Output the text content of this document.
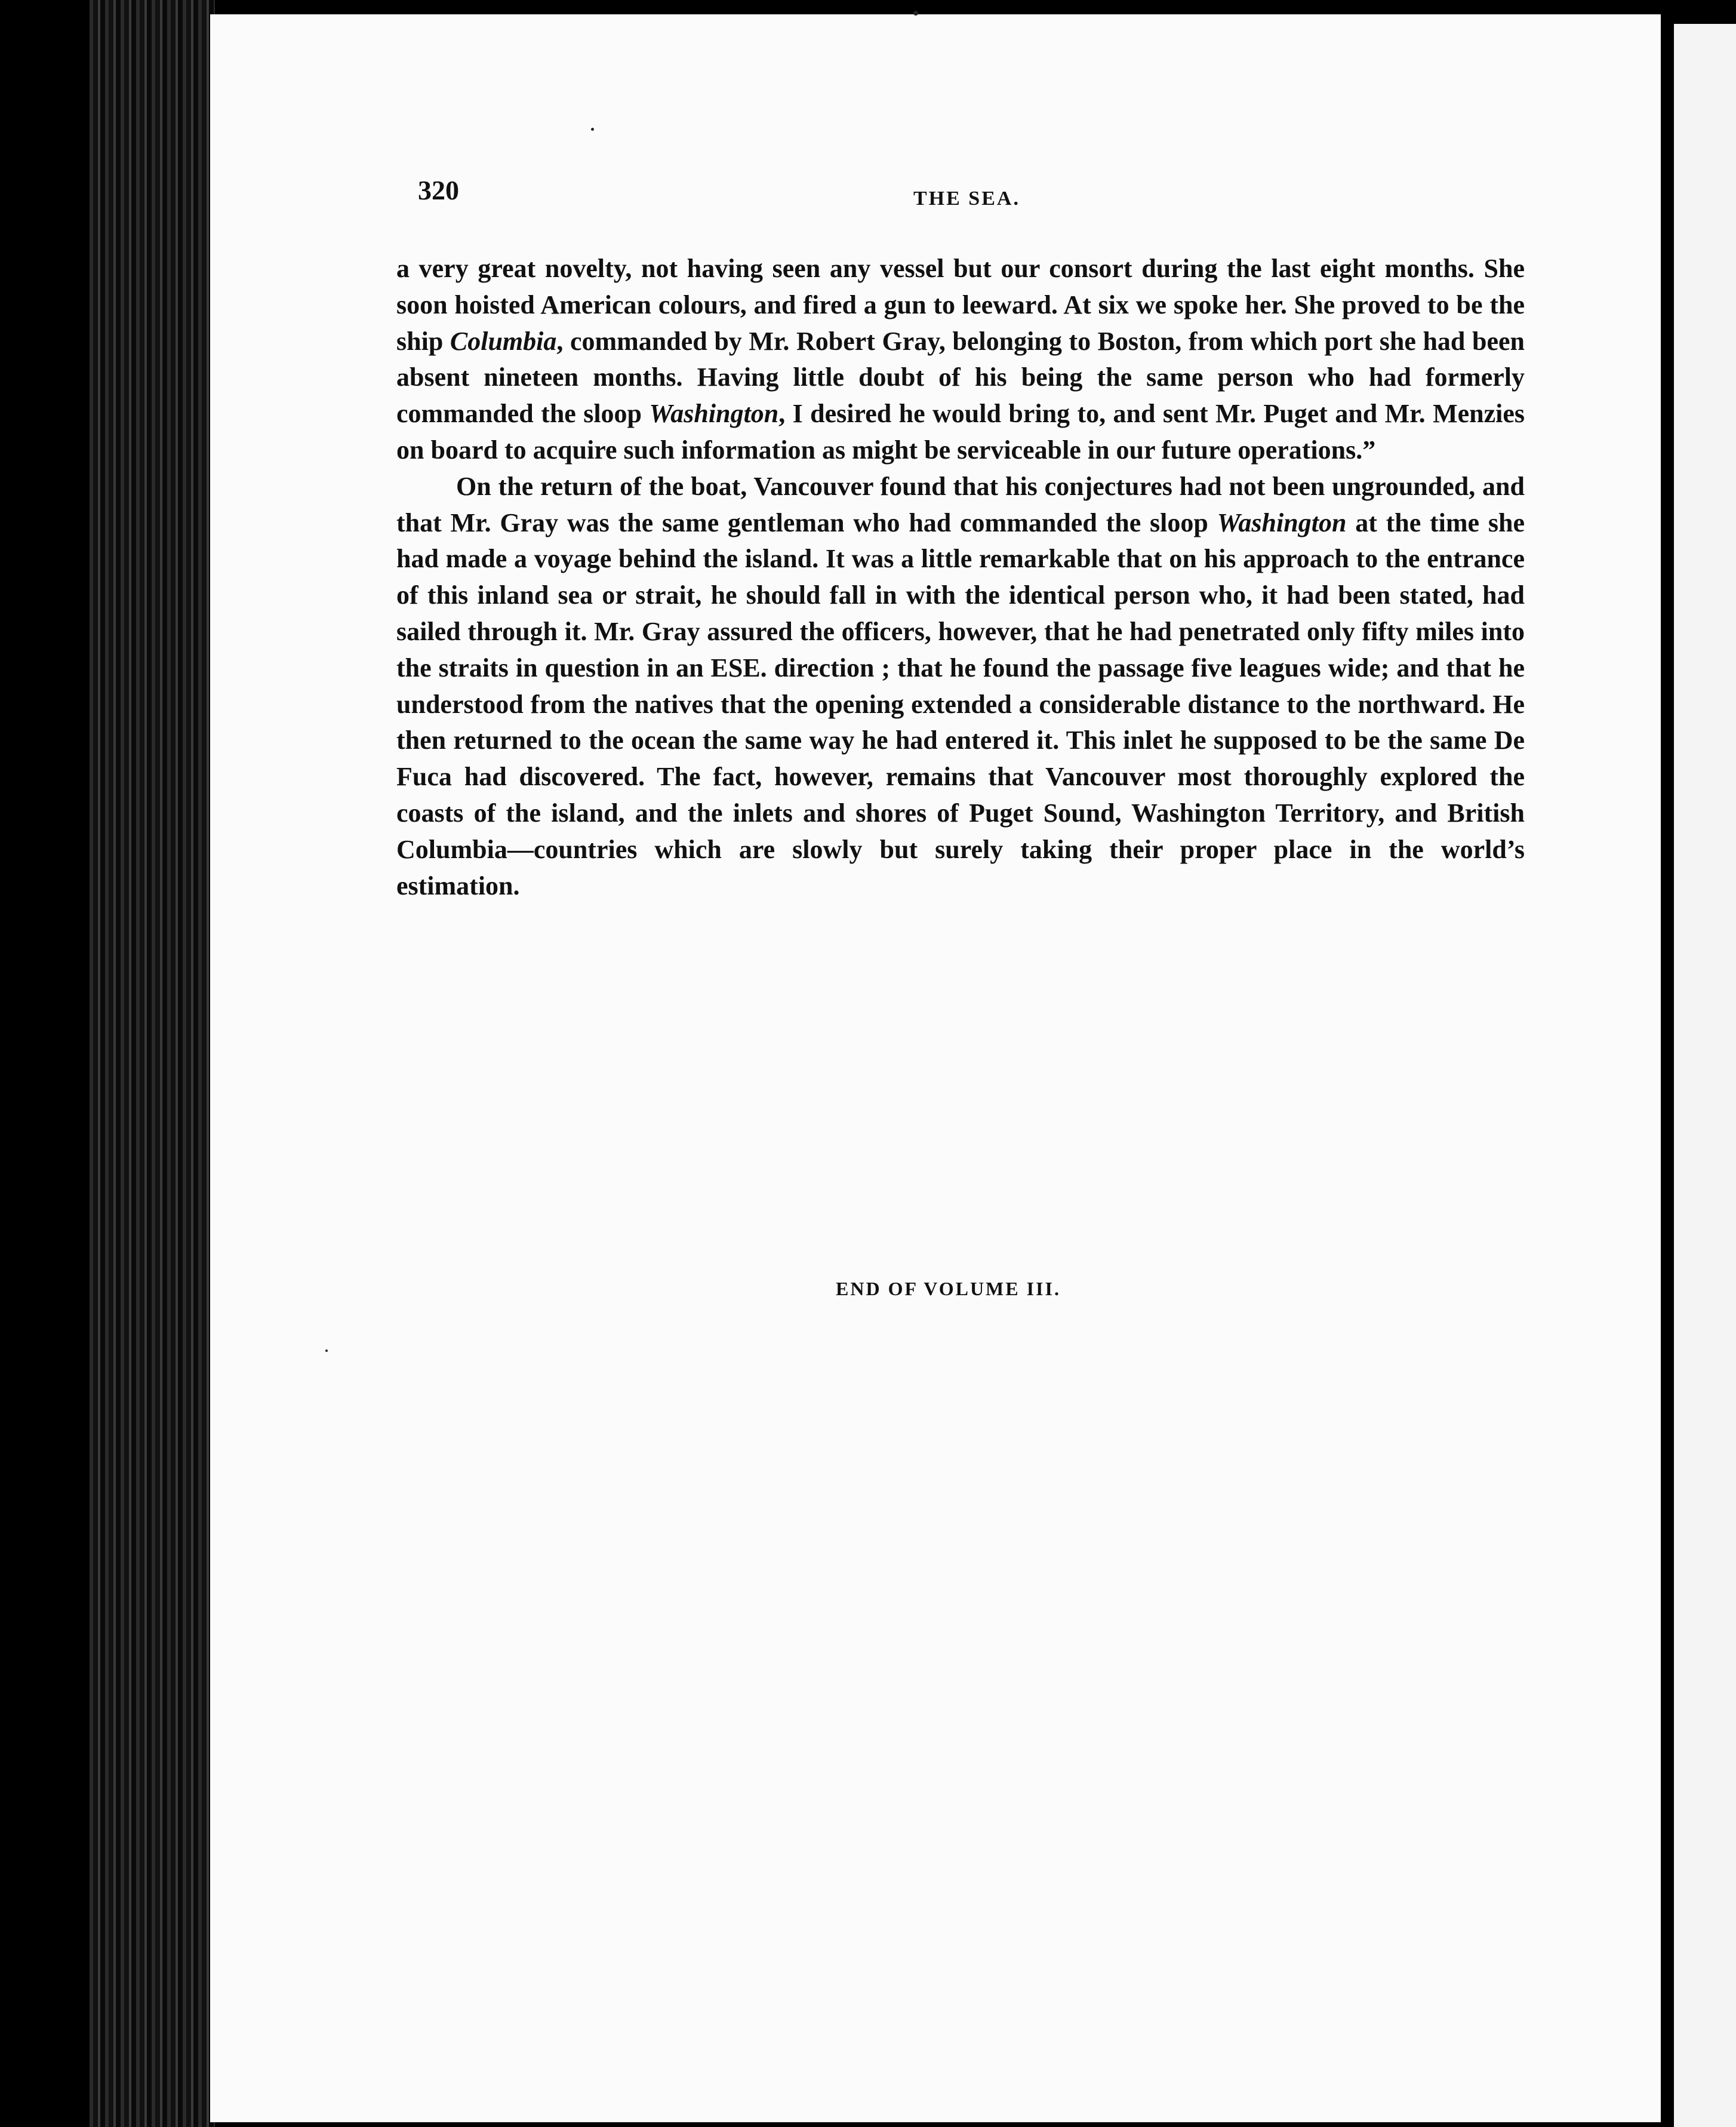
320	THE SEA.

a very great novelty, not having seen any vessel but our consort during the last eight months. She soon hoisted American colours, and fired a gun to leeward. At six we spoke her. She proved to be the ship Columbia, commanded by Mr. Robert Gray, belonging to Boston, from which port she had been absent nineteen months. Having little doubt of his being the same person who had formerly commanded the sloop Washington, I desired he would bring to, and sent Mr. Puget and Mr. Menzies on board to acquire such information as might be serviceable in our future operations.”

On the return of the boat, Vancouver found that his conjectures had not been ungrounded, and that Mr. Gray was the same gentleman who had commanded the sloop Washington at the time she had made a voyage behind the island. It was a little remarkable that on his approach to the entrance of this inland sea or strait, he should fall in with the identical person who, it had been stated, had sailed through it. Mr. Gray assured the officers, however, that he had penetrated only fifty miles into the straits in question in an ESE. direction ; that he found the passage five leagues wide; and that he understood from the natives that the opening extended a considerable distance to the northward. He then returned to the ocean the same way he had entered it. This inlet he supposed to be the same De Fuca had discovered. The fact, however, remains that Vancouver most thoroughly explored the coasts of the island, and the inlets and shores of Puget Sound, Washington Territory, and British Columbia—countries which are slowly but surely taking their proper place in the world’s estimation.

END OF VOLUME III.
